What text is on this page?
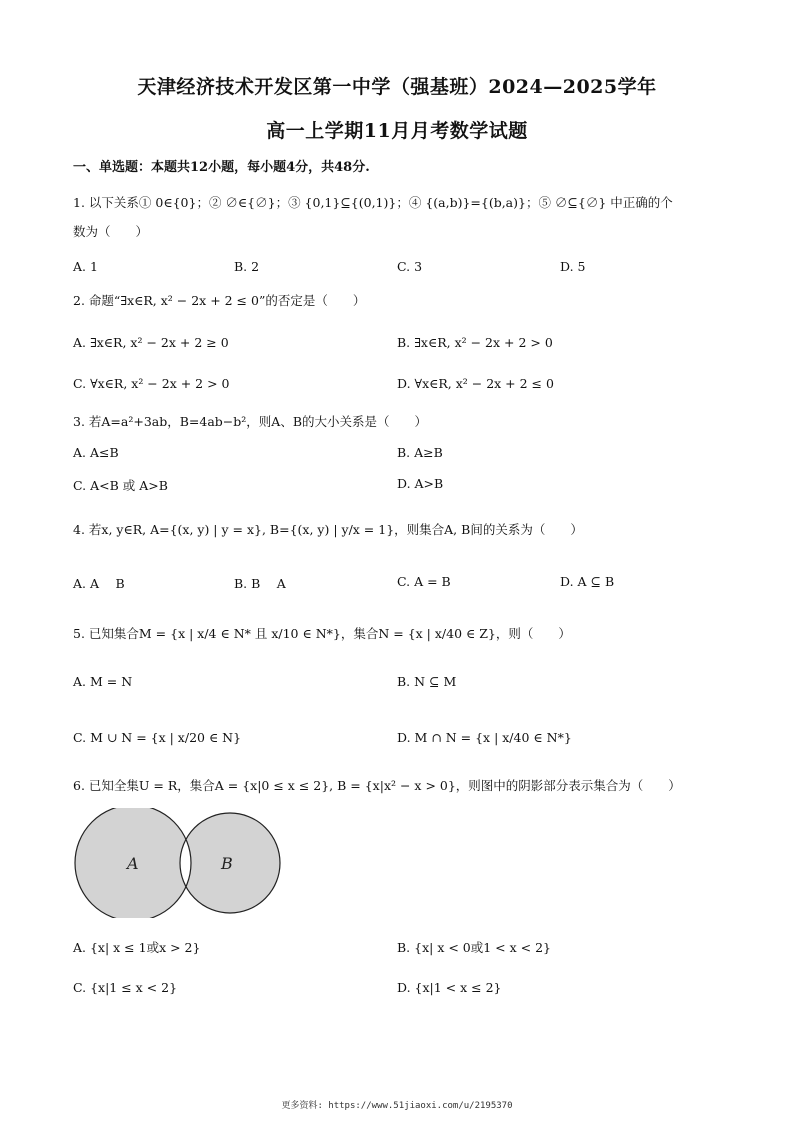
天津经济技术开发区第一中学（强基班）2024—2025学年
高一上学期11月月考数学试题
一、单选题：本题共12小题，每小题4分，共48分.
1. 以下关系① 0∈{0}；② ∅∈{∅}；③ {0,1}⊆{(0,1)}；④ {(a,b)}={(b,a)}；⑤ ∅⊆{∅} 中正确的个
数为（　　）
A. 1	B. 2	C. 3	D. 5
2. 命题“∃x∈R, x² − 2x + 2 ≤ 0”的否定是（　　）
A. ∃x∈R, x² − 2x + 2 ≥ 0	B. ∃x∈R, x² − 2x + 2 > 0
C. ∀x∈R, x² − 2x + 2 > 0	D. ∀x∈R, x² − 2x + 2 ≤ 0
3. 若A=a²+3ab，B=4ab−b²，则A、B的大小关系是（　　）
A. A≤B	B. A≥B
C. A<B 或 A>B	D. A>B
4. 若x, y∈R, A={(x, y) | y = x}, B={(x, y) | y/x = 1}，则集合A, B间的关系为（　　）
A. A　 B	B. B　 A	C. A = B	D. A ⊆ B
5. 已知集合M = {x | x/4 ∈ N* 且 x/10 ∈ N*}，集合N = {x | x/40 ∈ Z}，则（　　）
A. M = N	B. N ⊆ M
C. M ∪ N = {x | x/20 ∈ N}	D. M ∩ N = {x | x/40 ∈ N*}
6. 已知全集U = R，集合A = {x|0 ≤ x ≤ 2}, B = {x|x² − x > 0}，则图中的阴影部分表示集合为（　　）
A	B
A. {x| x ≤ 1或x > 2}	B. {x| x < 0或1 < x < 2}
C. {x|1 ≤ x < 2}	D. {x|1 < x ≤ 2}
更多资料: https://www.51jiaoxi.com/u/2195370
